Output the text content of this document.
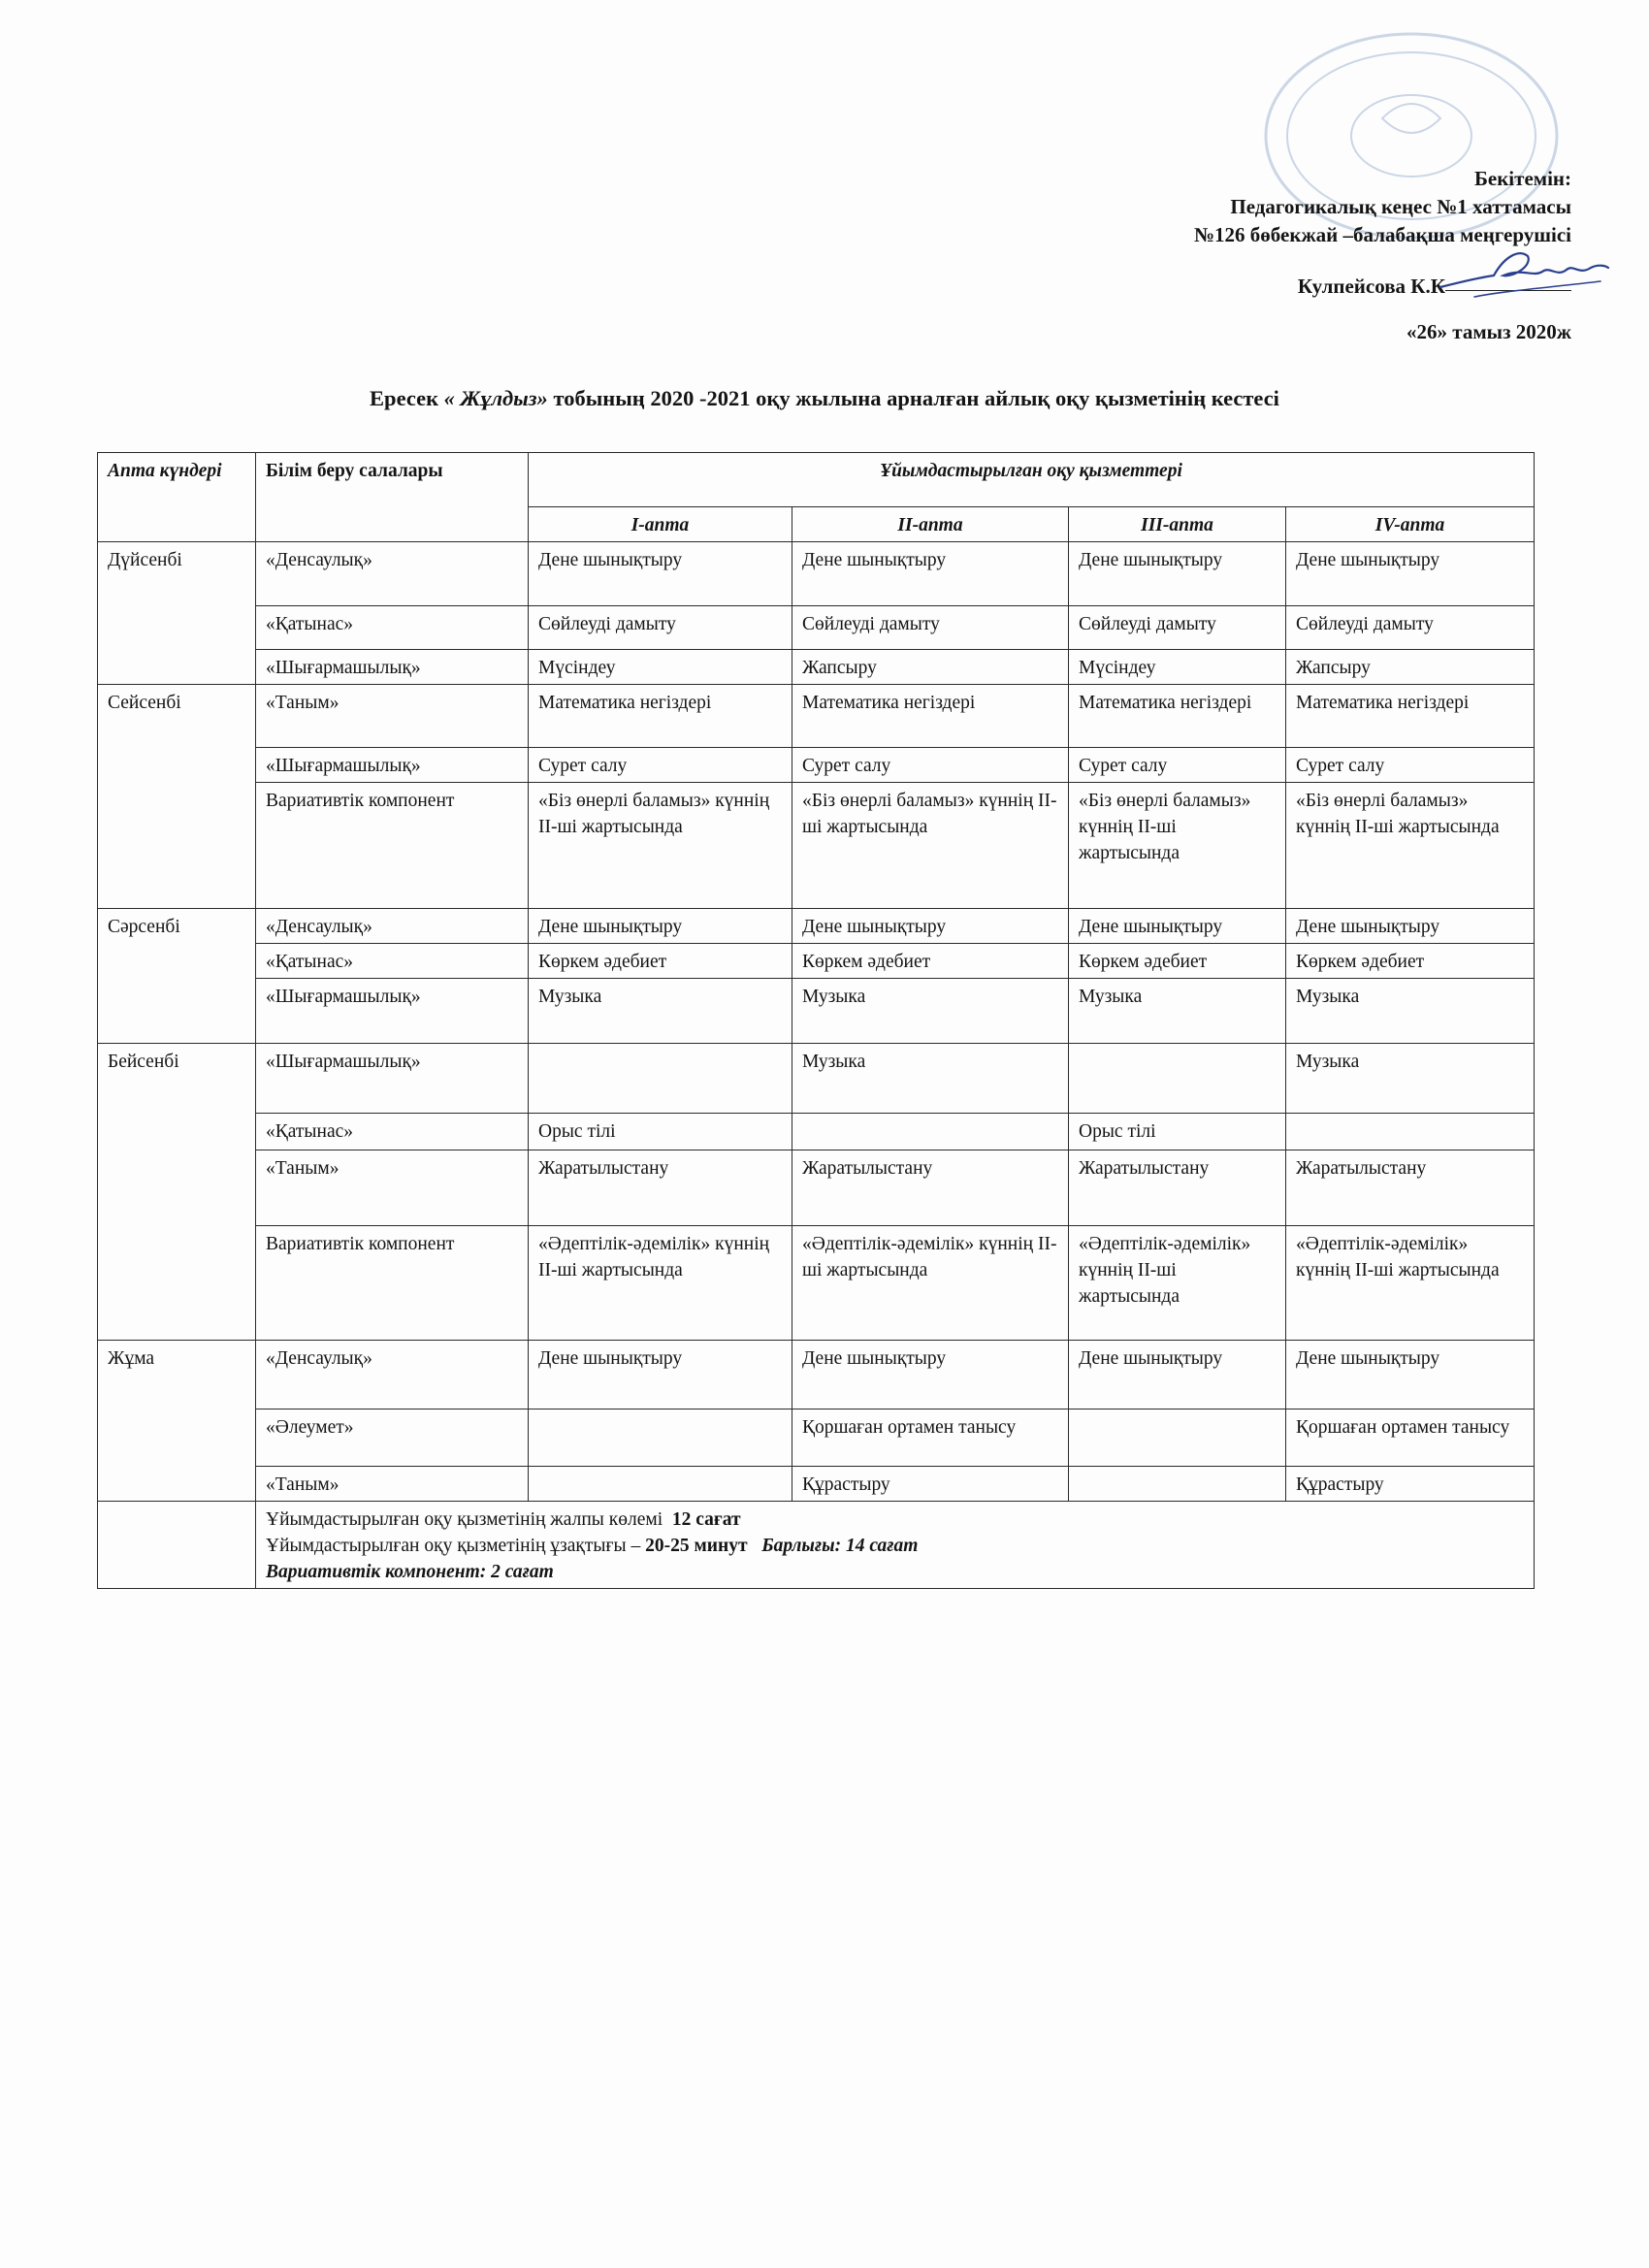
Бекітемін:
Педагогикалық кеңес №1 хаттамасы
№126 бөбекжай –балабақша меңгерушісі
Кулпейсова К.К
«26» тамыз 2020ж
Ересек « Жұлдыз» тобының 2020 -2021 оқу жылына арналған айлық оқу қызметінің кестесі
Апта күндері	Білім беру салалары	Ұйымдастырылған оқу қызметтері			
		I-апта	II-апта	III-апта	IV-апта
Дүйсенбі	«Денсаулық»	Дене шынықтыру	Дене шынықтыру	Дене шынықтыру	Дене шынықтыру
	«Қатынас»	Сөйлеуді дамыту	Сөйлеуді дамыту	Сөйлеуді дамыту	Сөйлеуді дамыту
	«Шығармашылық»	Мүсіндеу	Жапсыру	Мүсіндеу	Жапсыру
Сейсенбі	«Таным»	Математика негіздері	Математика негіздері	Математика негіздері	Математика негіздері
	«Шығармашылық»	Сурет салу	Сурет салу	Сурет салу	Сурет салу
	Вариативтік компонент	«Біз өнерлі баламыз» күннің ІІ-ші жартысында	«Біз өнерлі баламыз» күннің ІІ-ші жартысында	«Біз өнерлі баламыз» күннің ІІ-ші жартысында	«Біз өнерлі баламыз» күннің ІІ-ші жартысында
Сәрсенбі	«Денсаулық»	Дене шынықтыру	Дене шынықтыру	Дене шынықтыру	Дене шынықтыру
	«Қатынас»	Көркем әдебиет	Көркем әдебиет	Көркем әдебиет	Көркем әдебиет
	«Шығармашылық»	Музыка	Музыка	Музыка	Музыка
Бейсенбі	«Шығармашылық»		Музыка		Музыка
	«Қатынас»	Орыс тілі		Орыс тілі	
	«Таным»	Жаратылыстану	Жаратылыстану	Жаратылыстану	Жаратылыстану
	Вариативтік компонент	«Әдептілік-әдемілік» күннің ІІ-ші жартысында	«Әдептілік-әдемілік» күннің ІІ-ші жартысында	«Әдептілік-әдемілік» күннің ІІ-ші жартысында	«Әдептілік-әдемілік» күннің ІІ-ші жартысында
Жұма	«Денсаулық»	Дене шынықтыру	Дене шынықтыру	Дене шынықтыру	Дене шынықтыру
	«Әлеумет»		Қоршаған ортамен танысу		Қоршаған ортамен танысу
	«Таным»		Құрастыру		Құрастыру

	Ұйымдастырылған оқу қызметінің жалпы көлемі 12 сағат
Ұйымдастырылған оқу қызметінің ұзақтығы – 20-25 минут Барлығы: 14 сағат
Вариативтік компонент: 2 сағат				
